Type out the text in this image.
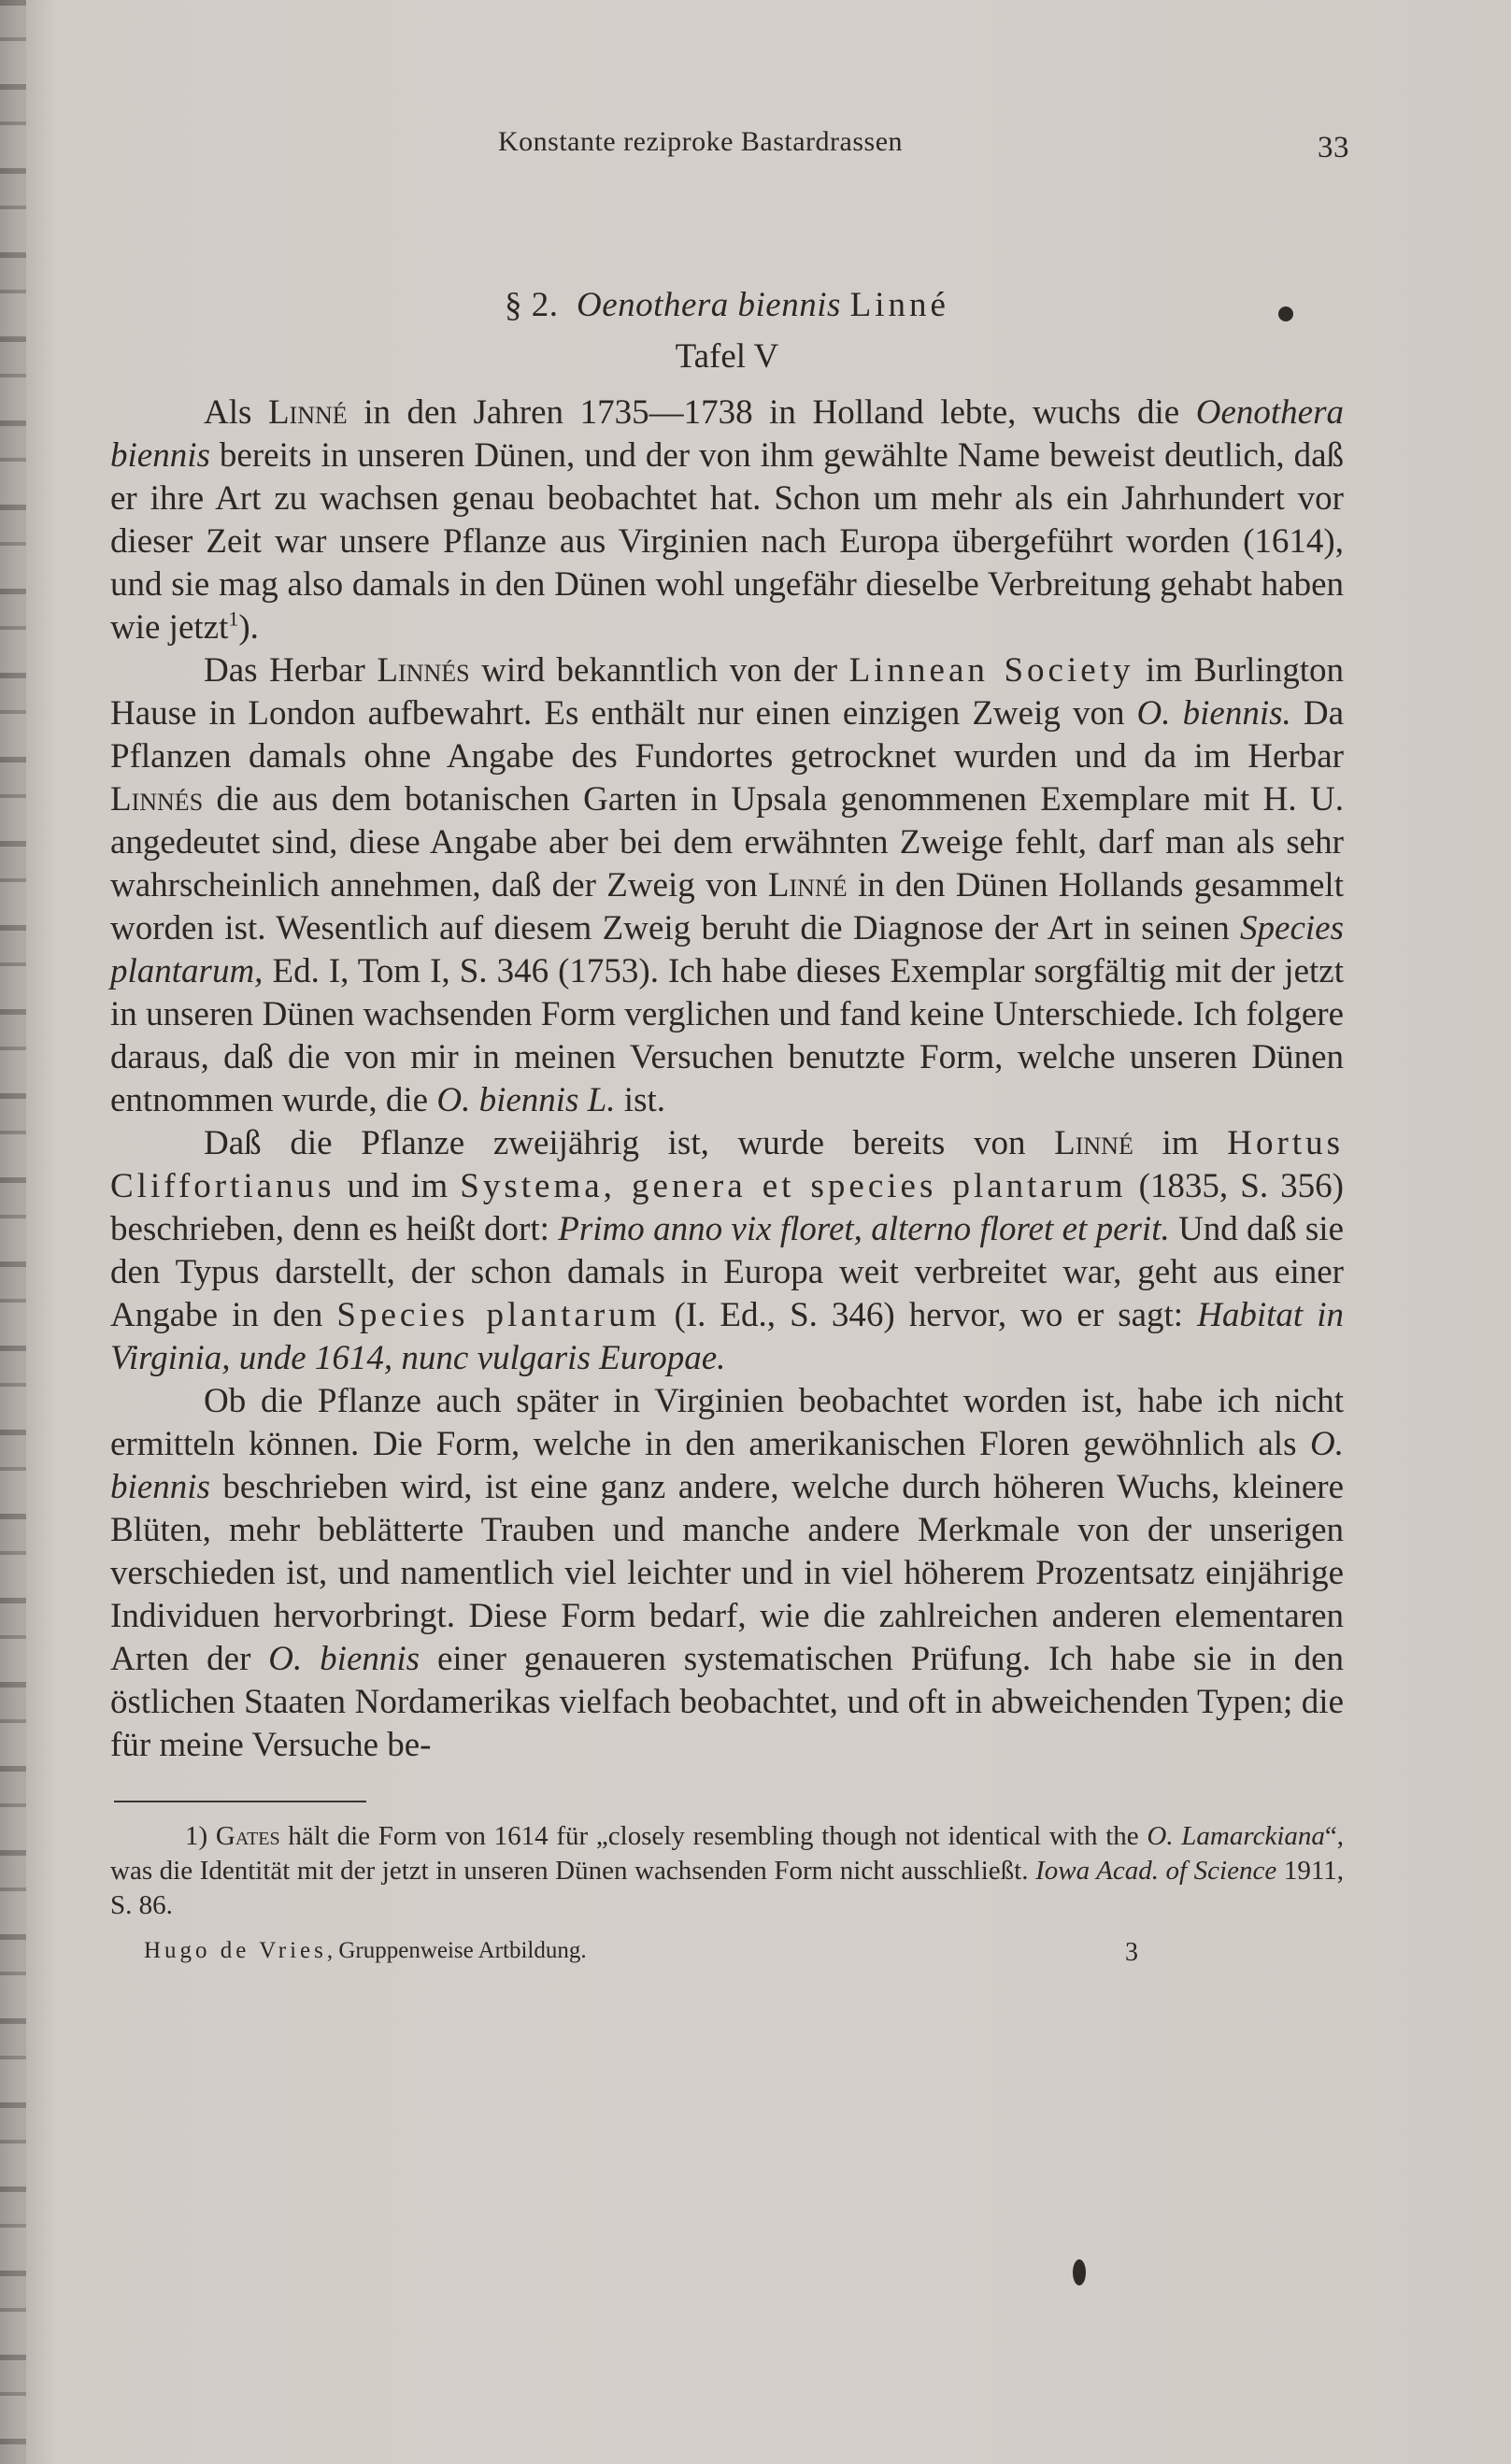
Konstante reziproke Bastardrassen	33
§ 2. Oenothera biennis Linné
Tafel V

Als Linné in den Jahren 1735—1738 in Holland lebte, wuchs die Oenothera biennis bereits in unseren Dünen, und der von ihm gewählte Name beweist deutlich, daß er ihre Art zu wachsen genau beobachtet hat. Schon um mehr als ein Jahrhundert vor dieser Zeit war unsere Pflanze aus Virginien nach Europa übergeführt worden (1614), und sie mag also damals in den Dünen wohl ungefähr dieselbe Verbreitung gehabt haben wie jetzt$^1$).

Das Herbar Linnés wird bekanntlich von der Linnean Society im Burlington Hause in London aufbewahrt. Es enthält nur einen einzigen Zweig von O. biennis. Da Pflanzen damals ohne Angabe des Fundortes getrocknet wurden und da im Herbar Linnés die aus dem botanischen Garten in Upsala genommenen Exemplare mit H. U. angedeutet sind, diese Angabe aber bei dem erwähnten Zweige fehlt, darf man als sehr wahrscheinlich annehmen, daß der Zweig von Linné in den Dünen Hollands gesammelt worden ist. Wesentlich auf diesem Zweig beruht die Diagnose der Art in seinen Species plantarum, Ed. I, Tom I, S. 346 (1753). Ich habe dieses Exemplar sorgfältig mit der jetzt in unseren Dünen wachsenden Form verglichen und fand keine Unterschiede. Ich folgere daraus, daß die von mir in meinen Versuchen benutzte Form, welche unseren Dünen entnommen wurde, die O. biennis L. ist.

Daß die Pflanze zweijährig ist, wurde bereits von Linné im Hortus Cliffortianus und im Systema, genera et species plantarum (1835, S. 356) beschrieben, denn es heißt dort: Primo anno vix floret, alterno floret et perit. Und daß sie den Typus darstellt, der schon damals in Europa weit verbreitet war, geht aus einer Angabe in den Species plantarum (I. Ed., S. 346) hervor, wo er sagt: Habitat in Virginia, unde 1614, nunc vulgaris Europae.

Ob die Pflanze auch später in Virginien beobachtet worden ist, habe ich nicht ermitteln können. Die Form, welche in den amerikanischen Floren gewöhnlich als O. biennis beschrieben wird, ist eine ganz andere, welche durch höheren Wuchs, kleinere Blüten, mehr beblätterte Trauben und manche andere Merkmale von der unserigen verschieden ist, und namentlich viel leichter und in viel höherem Prozentsatz einjährige Individuen hervorbringt. Diese Form bedarf, wie die zahlreichen anderen elementaren Arten der O. biennis einer genaueren systematischen Prüfung. Ich habe sie in den östlichen Staaten Nordamerikas vielfach beobachtet, und oft in abweichenden Typen; die für meine Versuche be-

1) Gates hält die Form von 1614 für „closely resembling though not identical with the O. Lamarckiana“, was die Identität mit der jetzt in unseren Dünen wachsenden Form nicht ausschließt. Iowa Acad. of Science 1911, S. 86.
Hugo de Vries, Gruppenweise Artbildung.	3
